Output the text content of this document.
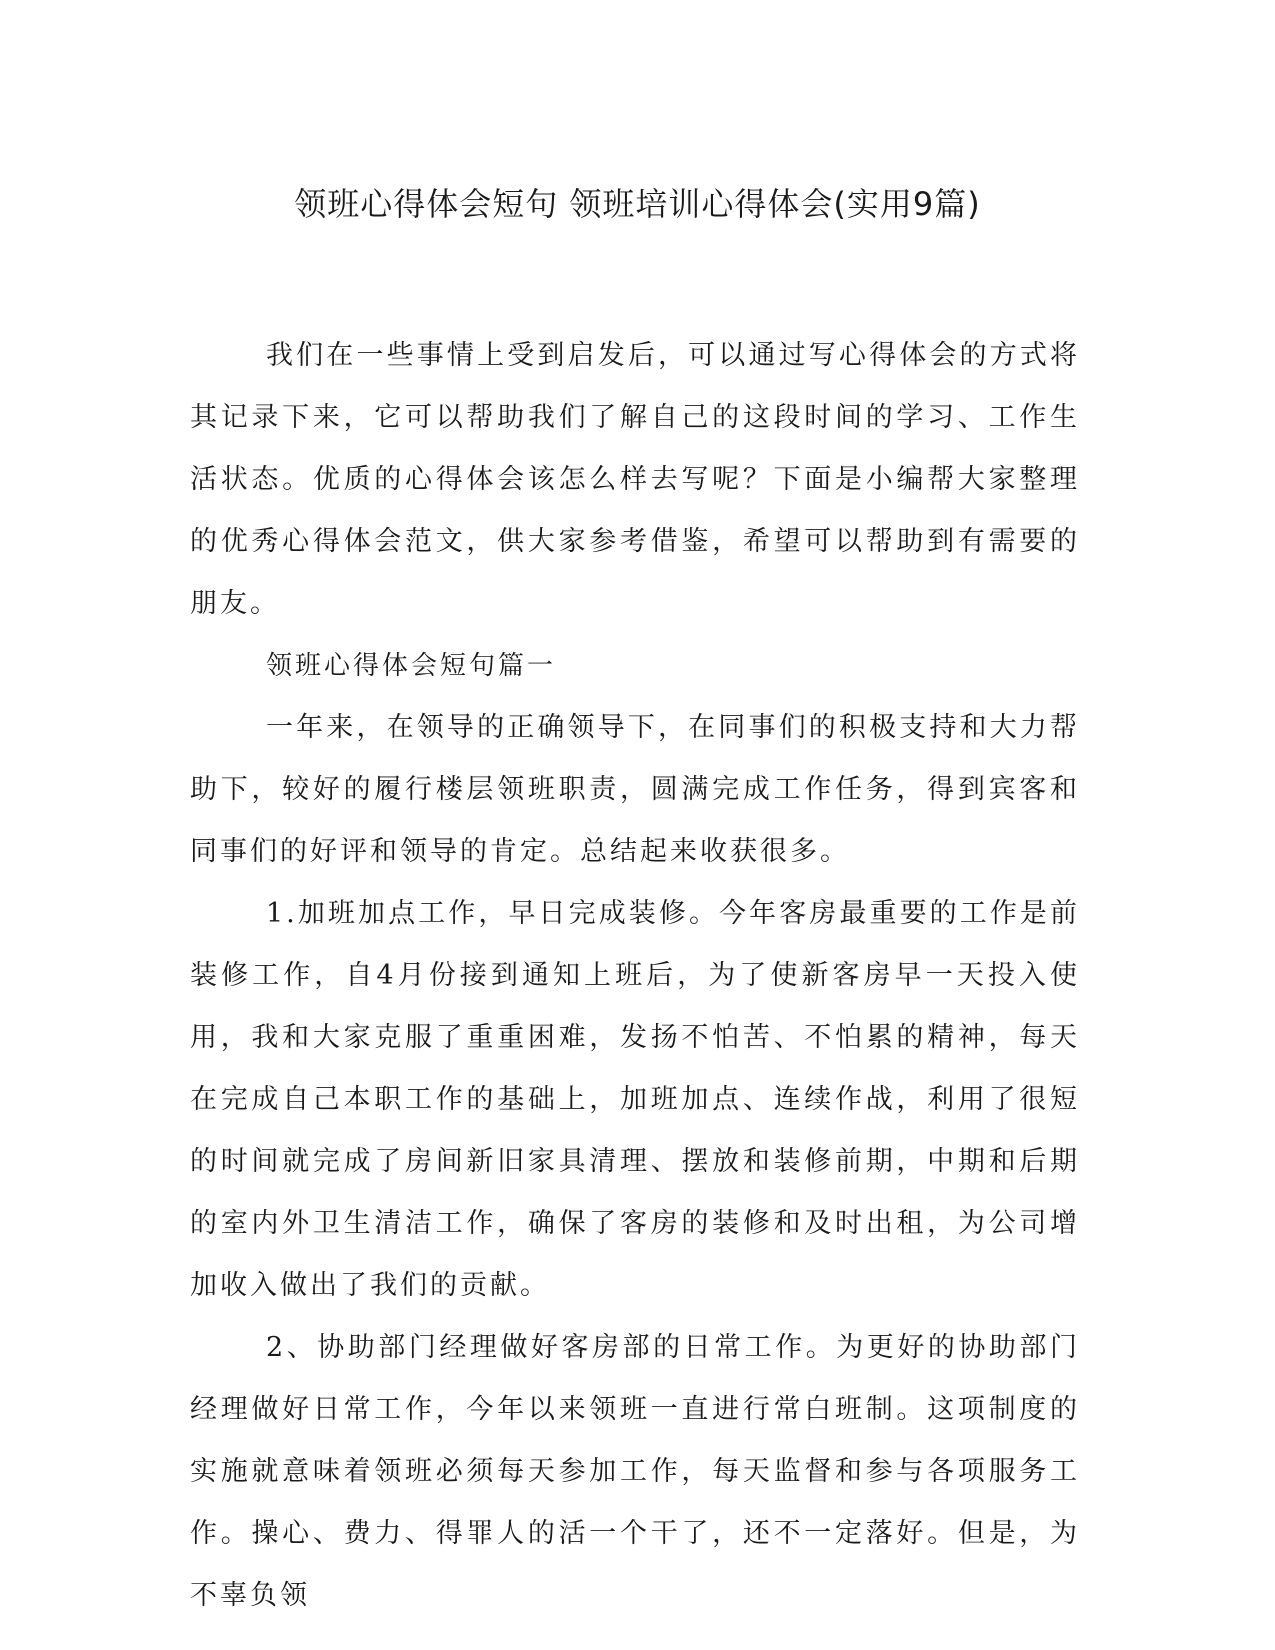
领班心得体会短句 领班培训心得体会(实用9篇)

我们在一些事情上受到启发后，可以通过写心得体会的方式将其记录下来，它可以帮助我们了解自己的这段时间的学习、工作生活状态。优质的心得体会该怎么样去写呢？下面是小编帮大家整理的优秀心得体会范文，供大家参考借鉴，希望可以帮助到有需要的朋友。

领班心得体会短句篇一

一年来，在领导的正确领导下，在同事们的积极支持和大力帮助下，较好的履行楼层领班职责，圆满完成工作任务，得到宾客和同事们的好评和领导的肯定。总结起来收获很多。

1.加班加点工作，早日完成装修。今年客房最重要的工作是前装修工作，自4月份接到通知上班后，为了使新客房早一天投入使用，我和大家克服了重重困难，发扬不怕苦、不怕累的精神，每天在完成自己本职工作的基础上，加班加点、连续作战，利用了很短的时间就完成了房间新旧家具清理、摆放和装修前期，中期和后期的室内外卫生清洁工作，确保了客房的装修和及时出租，为公司增加收入做出了我们的贡献。

2、协助部门经理做好客房部的日常工作。为更好的协助部门经理做好日常工作，今年以来领班一直进行常白班制。这项制度的实施就意味着领班必须每天参加工作，每天监督和参与各项服务工作。操心、费力、得罪人的活一个干了，还不一定落好。但是，为不辜负领
